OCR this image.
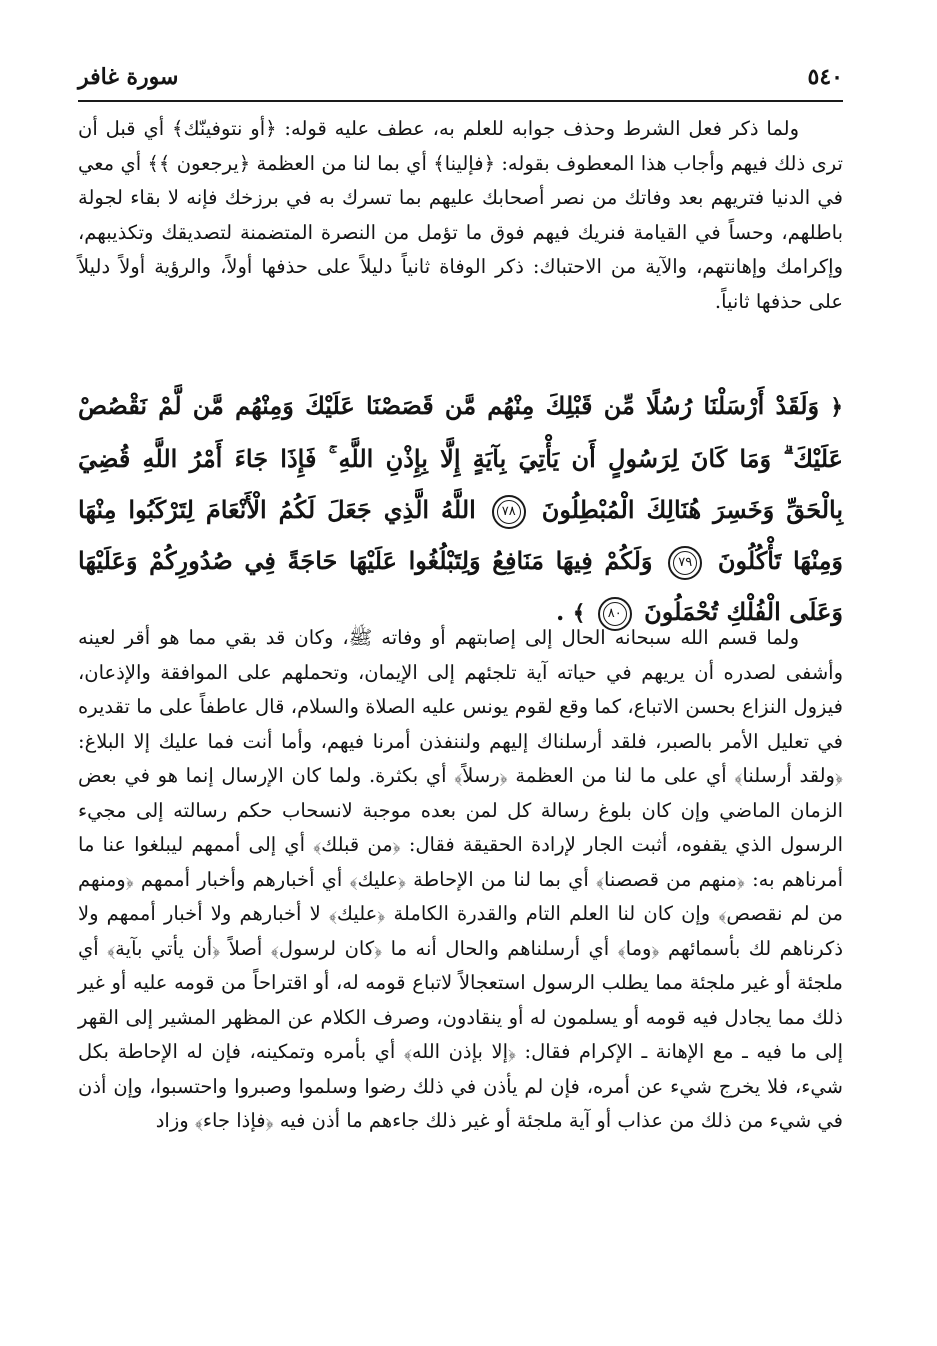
٥٤٠
سورة غافر

ولما ذكر فعل الشرط وحذف جوابه للعلم به، عطف عليه قوله: ﴿أو نتوفينّك﴾ أي قبل أن ترى ذلك فيهم وأجاب هذا المعطوف بقوله: ﴿فإلينا﴾ أي بما لنا من العظمة ﴿يرجعون ﴾﴾ أي معي في الدنيا فتريهم بعد وفاتك من نصر أصحابك عليهم بما تسرك به في برزخك فإنه لا بقاء لجولة باطلهم، وحساً في القيامة فنريك فيهم فوق ما تؤمل من النصرة المتضمنة لتصديقك وتكذيبهم، وإكرامك وإهانتهم، والآية من الاحتباك: ذكر الوفاة ثانياً دليلاً على حذفها أولاً، والرؤية أولاً دليلاً على حذفها ثانياً.

﴿ وَلَقَدْ أَرْسَلْنَا رُسُلًا مِّن قَبْلِكَ مِنْهُم مَّن قَصَصْنَا عَلَيْكَ وَمِنْهُم مَّن لَّمْ نَقْصُصْ عَلَيْكَ ۗ وَمَا كَانَ لِرَسُولٍ أَن يَأْتِيَ بِآيَةٍ إِلَّا بِإِذْنِ اللَّهِ ۚ فَإِذَا جَاءَ أَمْرُ اللَّهِ قُضِيَ بِالْحَقِّ وَخَسِرَ هُنَالِكَ الْمُبْطِلُونَ ٧٨ اللَّهُ الَّذِي جَعَلَ لَكُمُ الْأَنْعَامَ لِتَرْكَبُوا مِنْهَا وَمِنْهَا تَأْكُلُونَ ٧٩ وَلَكُمْ فِيهَا مَنَافِعُ وَلِتَبْلُغُوا عَلَيْهَا حَاجَةً فِي صُدُورِكُمْ وَعَلَيْهَا وَعَلَى الْفُلْكِ تُحْمَلُونَ ٨٠ ﴾ .

ولما قسم الله سبحانه الحال إلى إصابتهم أو وفاته ﷺ، وكان قد بقي مما هو أقر لعينه وأشفى لصدره أن يريهم في حياته آية تلجئهم إلى الإيمان، وتحملهم على الموافقة والإذعان، فيزول النزاع بحسن الاتباع، كما وقع لقوم يونس عليه الصلاة والسلام، قال عاطفاً على ما تقديره في تعليل الأمر بالصبر، فلقد أرسلناك إليهم ولننفذن أمرنا فيهم، وأما أنت فما عليك إلا البلاغ: ﴿ولقد أرسلنا﴾ أي على ما لنا من العظمة ﴿رسلاً﴾ أي بكثرة. ولما كان الإرسال إنما هو في بعض الزمان الماضي وإن كان بلوغ رسالة كل لمن بعده موجبة لانسحاب حكم رسالته إلى مجيء الرسول الذي يقفوه، أثبت الجار لإرادة الحقيقة فقال: ﴿من قبلك﴾ أي إلى أممهم ليبلغوا عنا ما أمرناهم به: ﴿منهم من قصصنا﴾ أي بما لنا من الإحاطة ﴿عليك﴾ أي أخبارهم وأخبار أممهم ﴿ومنهم من لم نقصص﴾ وإن كان لنا العلم التام والقدرة الكاملة ﴿عليك﴾ لا أخبارهم ولا أخبار أممهم ولا ذكرناهم لك بأسمائهم ﴿وما﴾ أي أرسلناهم والحال أنه ما ﴿كان لرسول﴾ أصلاً ﴿أن يأتي بآية﴾ أي ملجئة أو غير ملجئة مما يطلب الرسول استعجالاً لاتباع قومه له، أو اقتراحاً من قومه عليه أو غير ذلك مما يجادل فيه قومه أو يسلمون له أو ينقادون، وصرف الكلام عن المظهر المشير إلى القهر إلى ما فيه ـ مع الإهانة ـ الإكرام فقال: ﴿إلا بإذن الله﴾ أي بأمره وتمكينه، فإن له الإحاطة بكل شيء، فلا يخرج شيء عن أمره، فإن لم يأذن في ذلك رضوا وسلموا وصبروا واحتسبوا، وإن أذن في شيء من ذلك من عذاب أو آية ملجئة أو غير ذلك جاءهم ما أذن فيه ﴿فإذا جاء﴾ وزاد
